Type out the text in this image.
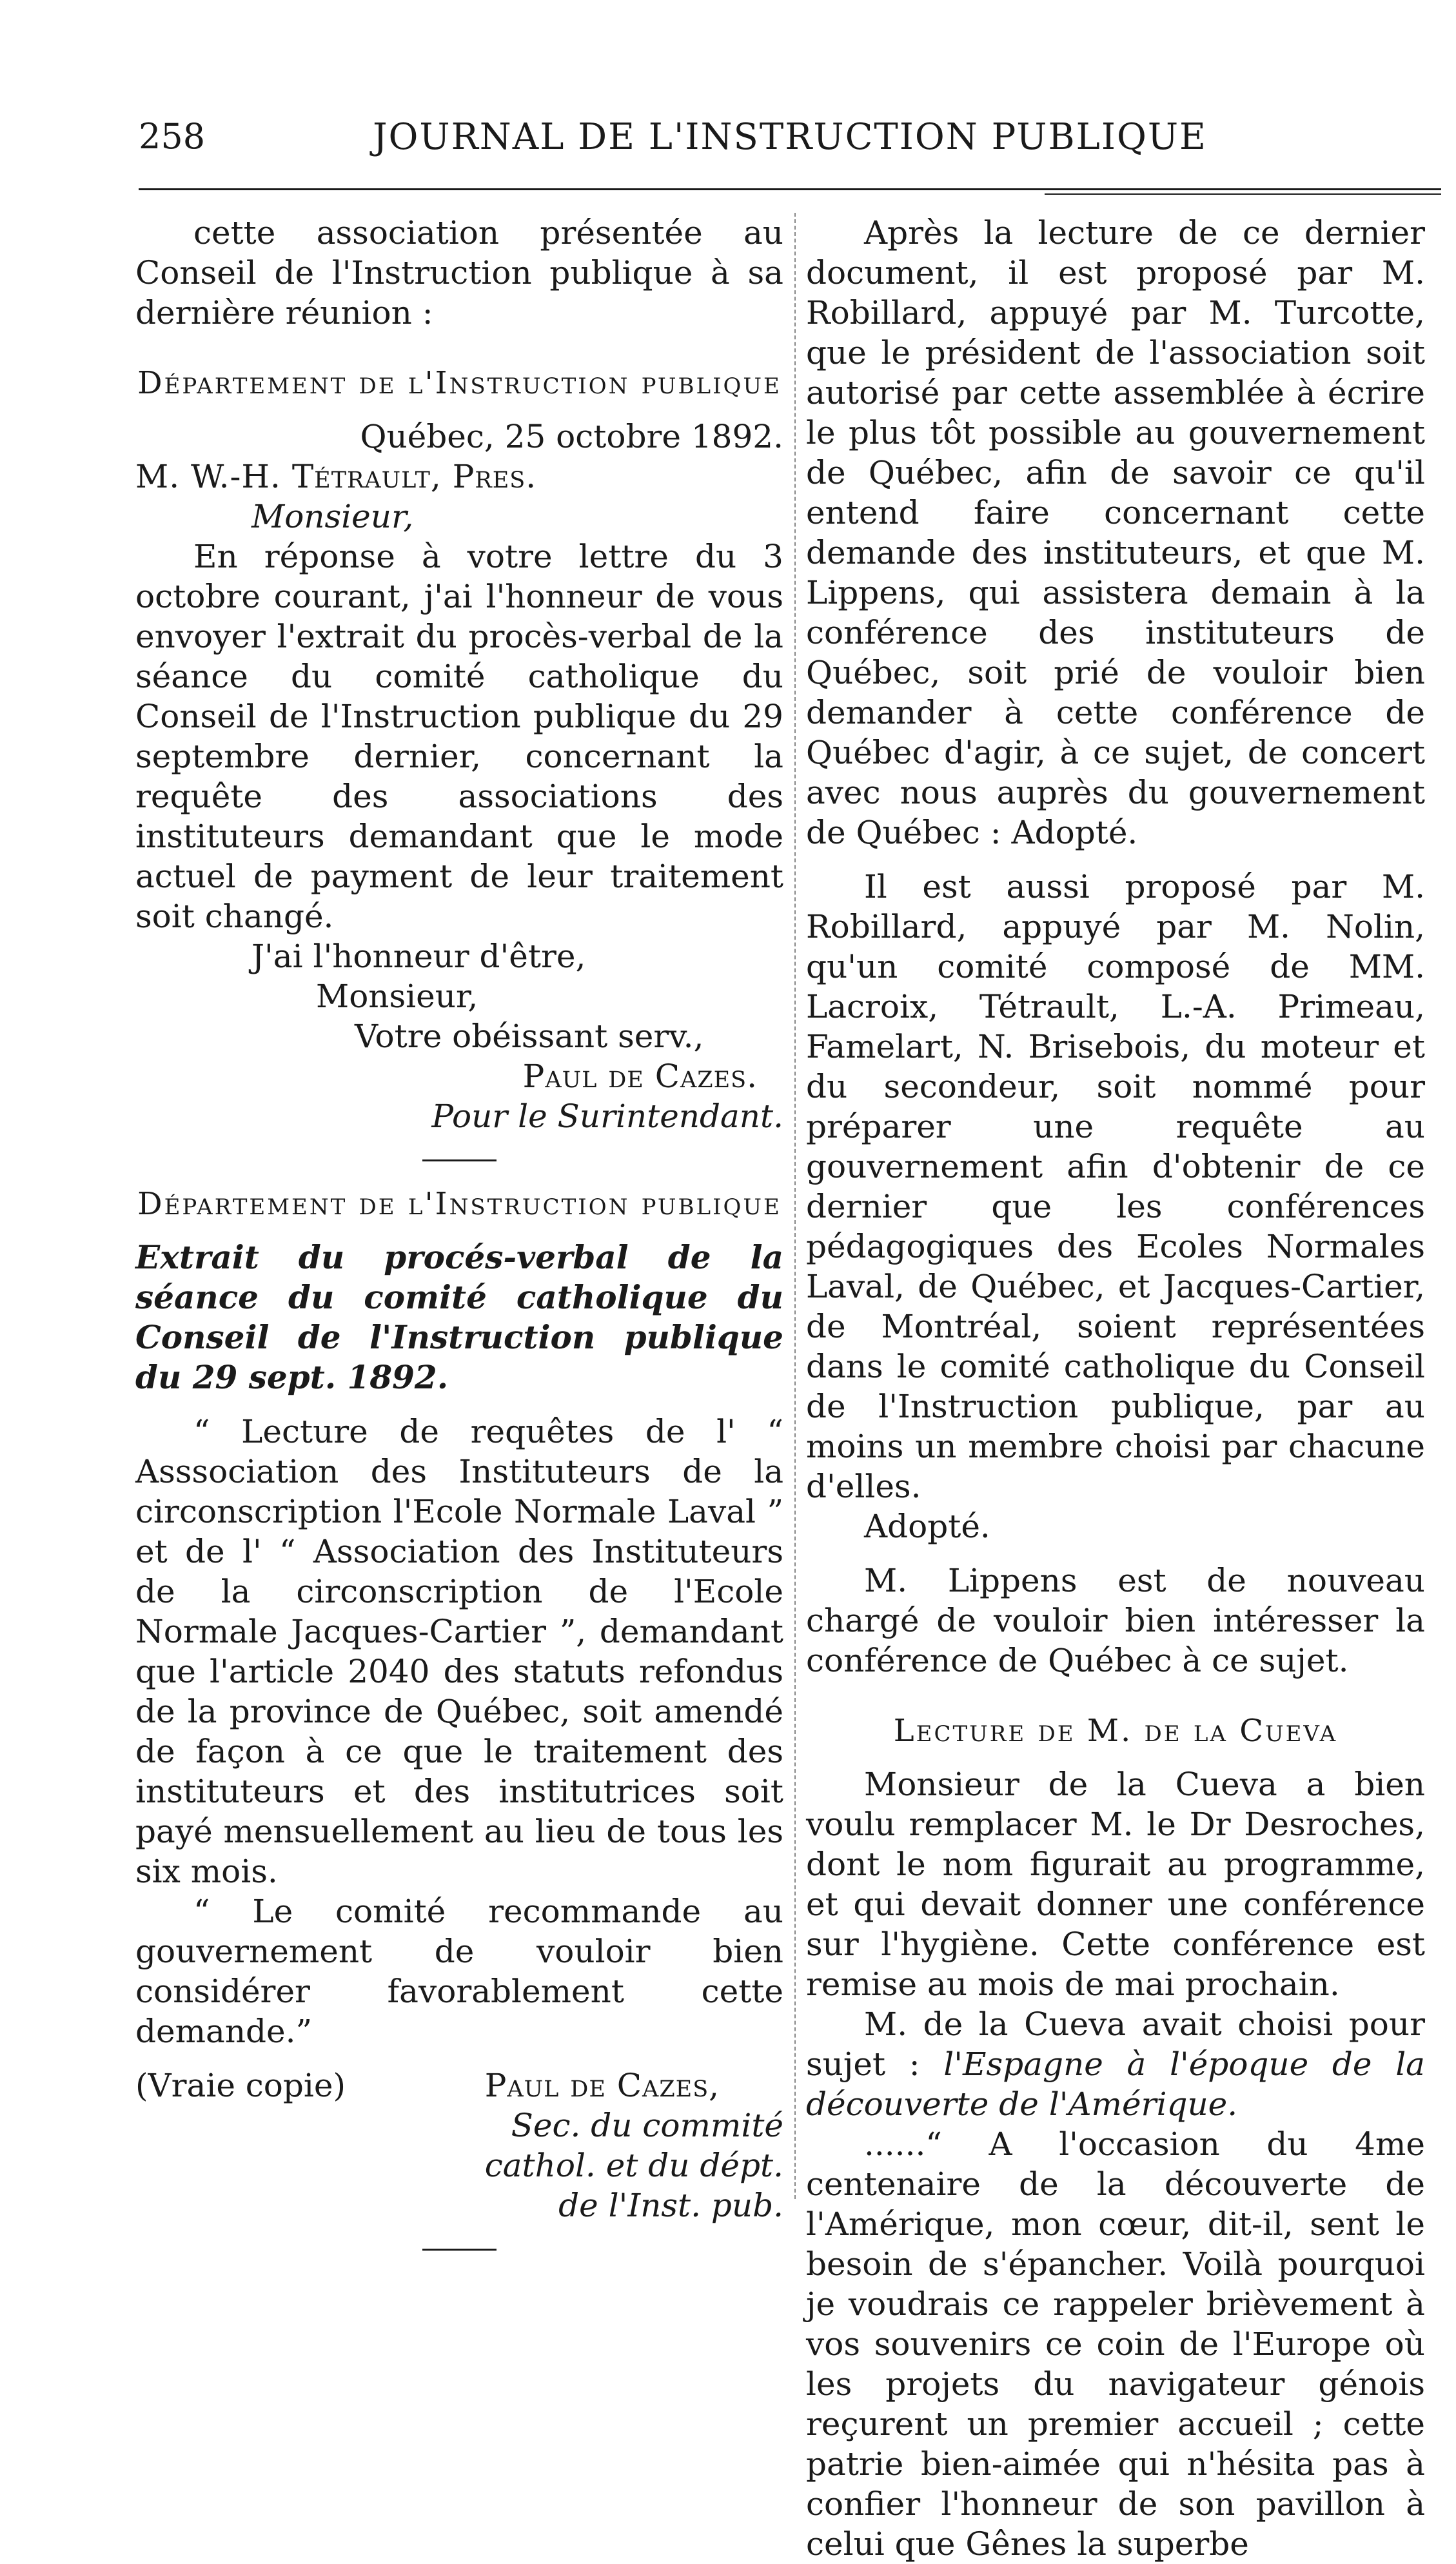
JOURNAL DE L'INSTRUCTION PUBLIQUE
258

cette association présentée au Conseil de l'Instruction publique à sa dernière réunion :

Département de l'Instruction publique

Québec, 25 octobre 1892.

M. W.-H. Tétrault, Pres.

Monsieur,

En réponse à votre lettre du 3 octobre courant, j'ai l'honneur de vous envoyer l'extrait du procès-verbal de la séance du comité catholique du Conseil de l'Instruction publique du 29 septembre dernier, concernant la requête des associations des instituteurs demandant que le mode actuel de payment de leur traitement soit changé.

J'ai l'honneur d'être,

Monsieur,

Votre obéissant serv.,

Paul de Cazes.

Pour le Surintendant.

Département de l'Instruction publique

Extrait du procés-verbal de la séance du comité catholique du Conseil de l'Instruction publique du 29 sept. 1892.

“ Lecture de requêtes de l' “ Asssociation des Instituteurs de la circonscription l'Ecole Normale Laval ” et de l' “ Association des Instituteurs de la circonscription de l'Ecole Normale Jacques-Cartier ”, demandant que l'article 2040 des statuts refondus de la province de Québec, soit amendé de façon à ce que le traitement des instituteurs et des institutrices soit payé mensuellement au lieu de tous les six mois.

“ Le comité recommande au gouvernement de vouloir bien considérer favorablement cette demande.”

(Vraie copie)	Paul de Cazes,

Sec. du commité

cathol. et du dépt.

de l'Inst. pub.

Après la lecture de ce dernier document, il est proposé par M. Robillard, appuyé par M. Turcotte, que le président de l'association soit autorisé par cette assemblée à écrire le plus tôt possible au gouvernement de Québec, afin de savoir ce qu'il entend faire concernant cette demande des instituteurs, et que M. Lippens, qui assistera demain à la conférence des instituteurs de Québec, soit prié de vouloir bien demander à cette conférence de Québec d'agir, à ce sujet, de concert avec nous auprès du gouvernement de Québec : Adopté.

Il est aussi proposé par M. Robillard, appuyé par M. Nolin, qu'un comité composé de MM. Lacroix, Tétrault, L.-A. Primeau, Famelart, N. Brisebois, du moteur et du secondeur, soit nommé pour préparer une requête au gouvernement afin d'obtenir de ce dernier que les conférences pédagogiques des Ecoles Normales Laval, de Québec, et Jacques-Cartier, de Montréal, soient représentées dans le comité catholique du Conseil de l'Instruction publique, par au moins un membre choisi par chacune d'elles.

Adopté.

M. Lippens est de nouveau chargé de vouloir bien intéresser la conférence de Québec à ce sujet.

Lecture de M. de la Cueva

Monsieur de la Cueva a bien voulu remplacer M. le Dr Desroches, dont le nom figurait au programme, et qui devait donner une conférence sur l'hygiène. Cette conférence est remise au mois de mai prochain.

M. de la Cueva avait choisi pour sujet : l'Espagne à l'époque de la découverte de l'Amérique.

......“ A l'occasion du 4me centenaire de la découverte de l'Amérique, mon cœur, dit-il, sent le besoin de s'épancher. Voilà pourquoi je voudrais ce rappeler brièvement à vos souvenirs ce coin de l'Europe où les projets du navigateur génois reçurent un premier accueil ; cette patrie bien-aimée qui n'hésita pas à confier l'honneur de son pavillon à celui que Gênes la superbe
